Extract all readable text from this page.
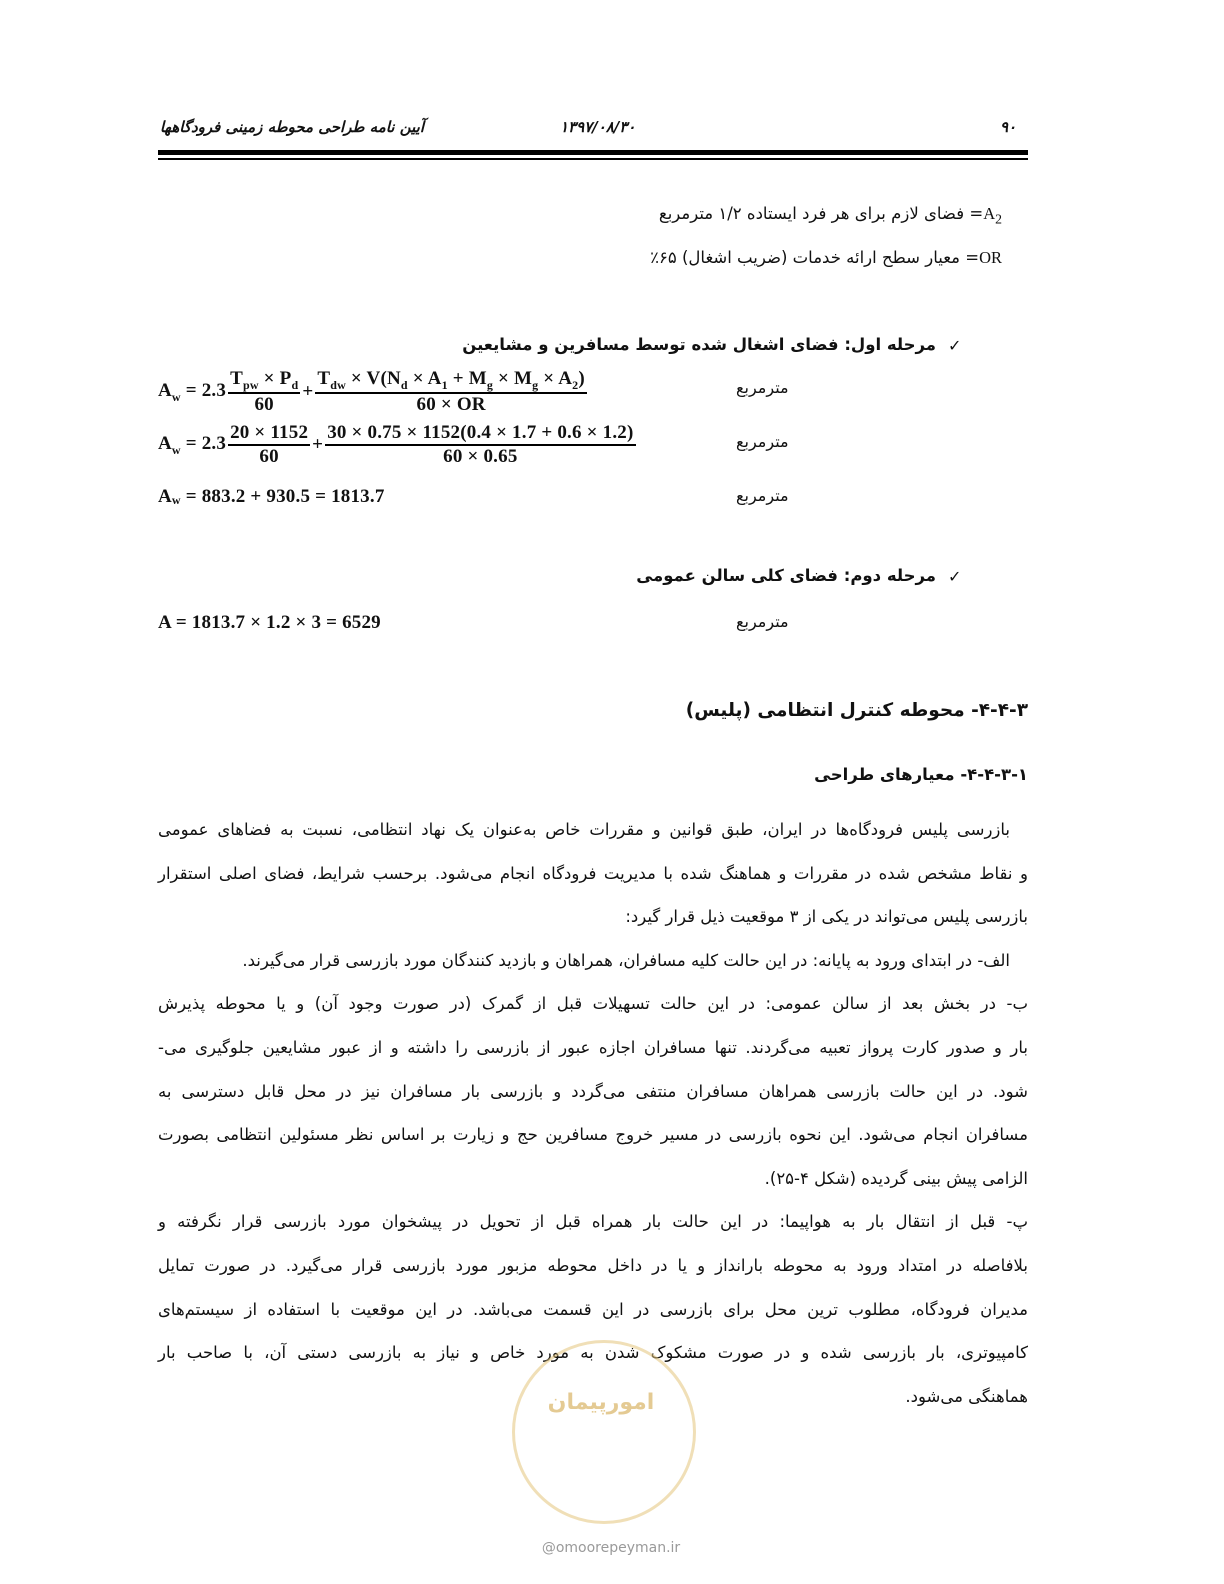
آیین نامه طراحی محوطه زمینی فرودگاهها	۱۳۹۷/۰۸/۳۰	۹۰
$A_2=$ فضای لازم برای هر فرد ایستاده ۱/۲ مترمربع
OR= معیار سطح ارائه خدمات (ضریب اشغال) ۶۵٪
✓
مرحله اول: فضای اشغال شده توسط مسافرین و مشایعین
$A_w = 2.3 \frac{T_{pw} \times P_d}{60} + \frac{T_{dw} \times V(N_d \times A_1 + M_g \times M_g \times A_2)}{60 \times OR}$	مترمربع
$A_w = 2.3 \frac{20 \times 1152}{60} + \frac{30 \times 0.75 \times 1152(0.4 \times 1.7 + 0.6 \times 1.2)}{60 \times 0.65}$	مترمربع
A w = 883.2 + 930.5 = 1813.7	مترمربع
✓
مرحله دوم: فضای کلی سالن عمومی
A = 1813.7 × 1.2 × 3 = 6529	مترمربع
۴-۴-۳- محوطه کنترل انتظامی (پلیس)
۴-۴-۳-۱- معیارهای طراحی

بازرسی پلیس فرودگاه‌ها در ایران، طبق قوانین و مقررات خاص به‌عنوان یک نهاد انتظامی، نسبت به فضاهای عمومی

و نقاط مشخص شده در مقررات و هماهنگ شده با مدیریت فرودگاه انجام می‌شود. برحسب شرایط، فضای اصلی استقرار

بازرسی پلیس می‌تواند در یکی از ۳ موقعیت ذیل قرار گیرد:

الف- در ابتدای ورود به پایانه: در این حالت کلیه مسافران، همراهان و بازدید کنندگان مورد بازرسی قرار می‌گیرند.

ب- در بخش بعد از سالن عمومی: در این حالت تسهیلات قبل از گمرک (در صورت وجود آن) و یا محوطه پذیرش

بار و صدور کارت پرواز تعبیه می‌گردند. تنها مسافران اجازه عبور از بازرسی را داشته و از عبور مشایعین جلوگیری می-

شود. در این حالت بازرسی همراهان مسافران منتفی می‌گردد و بازرسی بار مسافران نیز در محل قابل دسترسی به

مسافران انجام می‌شود. این نحوه بازرسی در مسیر خروج مسافرین حج و زیارت بر اساس نظر مسئولین انتظامی بصورت

الزامی پیش بینی گردیده (شکل ۴-۲۵).

پ- قبل از انتقال بار به هواپیما: در این حالت بار همراه قبل از تحویل در پیشخوان مورد بازرسی قرار نگرفته و

بلافاصله در امتداد ورود به محوطه بارانداز و یا در داخل محوطه مزبور مورد بازرسی قرار می‌گیرد. در صورت تمایل

مدیران فرودگاه، مطلوب ترین محل برای بازرسی در این قسمت می‌باشد. در این موقعیت با استفاده از سیستم‌های

کامپیوتری، بار بازرسی شده و در صورت مشکوک شدن به مورد خاص و نیاز به بازرسی دستی آن، با صاحب بار

هماهنگی می‌شود.

امورپیمان
@omoorepeyman.ir
